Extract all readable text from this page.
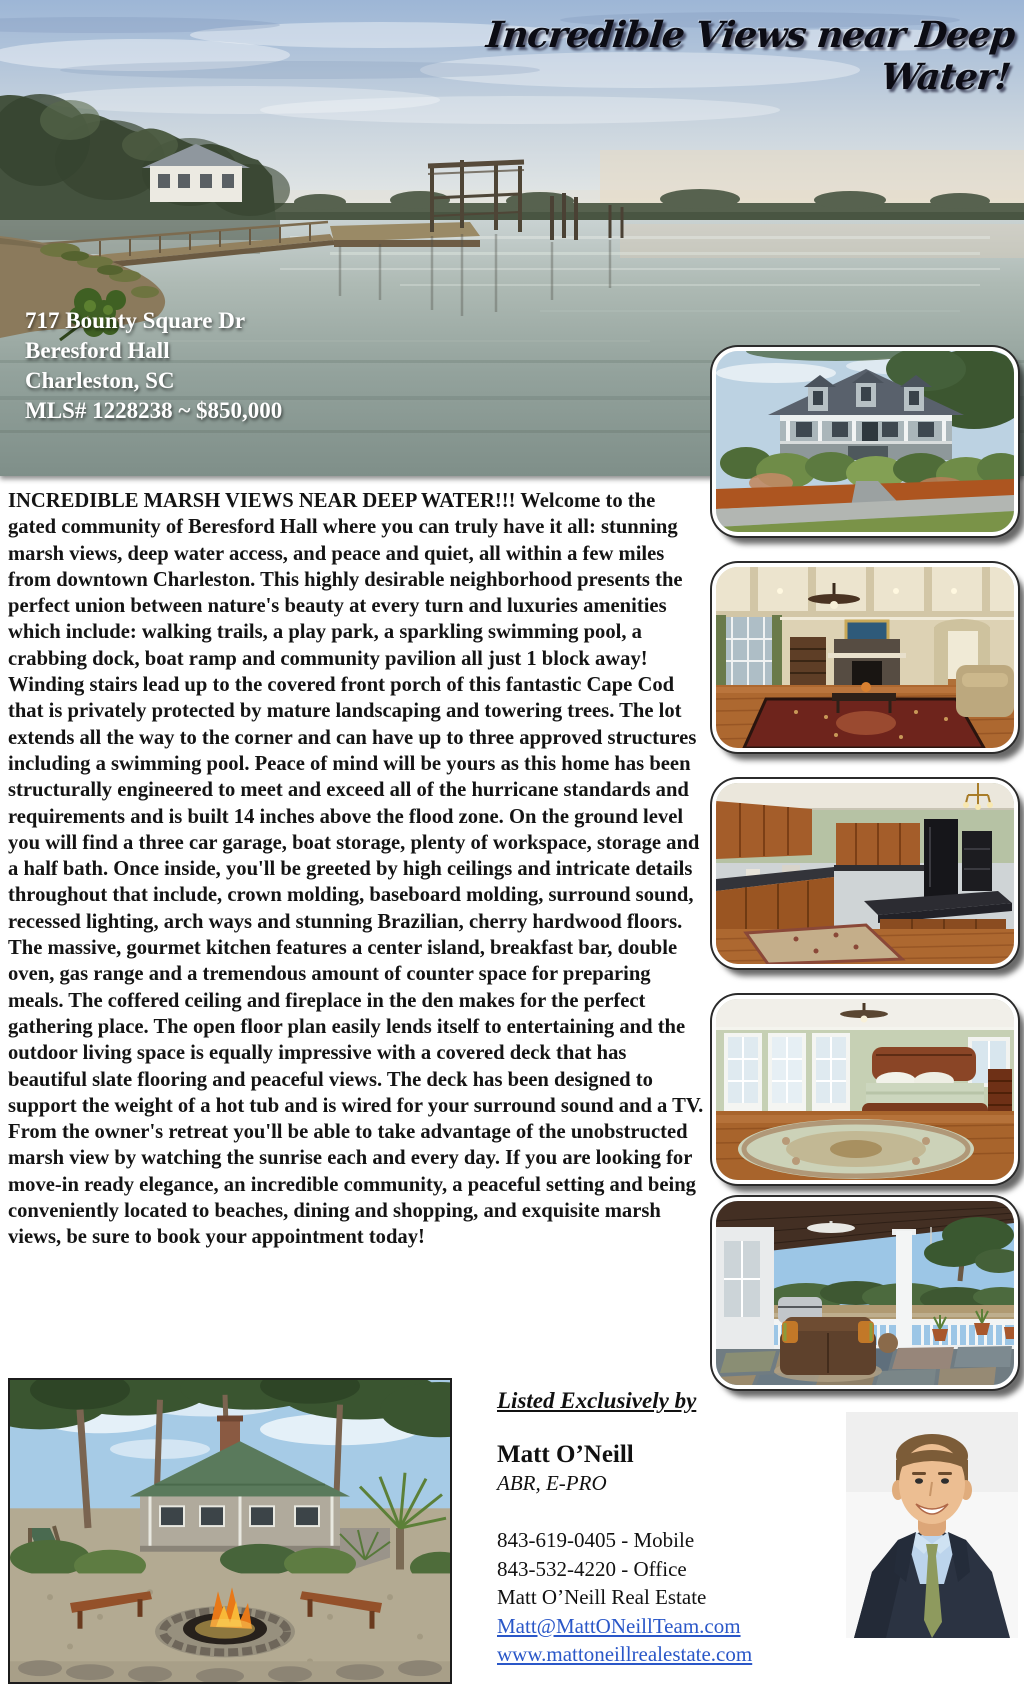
Incredible Views near Deep Water!
717 Bounty Square Dr
Beresford Hall
Charleston, SC
MLS# 1228238 ~ $850,000

INCREDIBLE MARSH VIEWS NEAR DEEP WATER!!! Welcome to the gated community of Beresford Hall where you can truly have it all: stunning marsh views, deep water access, and peace and quiet, all within a few miles from downtown Charleston. This highly desirable neighborhood presents the perfect union between nature's beauty at every turn and luxuries amenities which include: walking trails, a play park, a sparkling swimming pool, a crabbing dock, boat ramp and community pavilion all just 1 block away! Winding stairs lead up to the covered front porch of this fantastic Cape Cod that is privately protected by mature landscaping and towering trees. The lot extends all the way to the corner and can have up to three approved structures including a swimming pool. Peace of mind will be yours as this home has been structurally engineered to meet and exceed all of the hurricane standards and requirements and is built 14 inches above the flood zone. On the ground level you will find a three car garage, boat storage, plenty of workspace, storage and a half bath. Once inside, you'll be greeted by high ceilings and intricate details throughout that include, crown molding, baseboard molding, surround sound, recessed lighting, arch ways and stunning Brazilian, cherry hardwood floors. The massive, gourmet kitchen features a center island, breakfast bar, double oven, gas range and a tremendous amount of counter space for preparing meals. The coffered ceiling and fireplace in the den makes for the perfect gathering place. The open floor plan easily lends itself to entertaining and the outdoor living space is equally impressive with a covered deck that has beautiful slate flooring and peaceful views. The deck has been designed to support the weight of a hot tub and is wired for your surround sound and a TV. From the owner's retreat you'll be able to take advantage of the unobstructed marsh view by watching the sunrise each and every day. If you are looking for move-in ready elegance, an incredible community, a peaceful setting and being conveniently located to beaches, dining and shopping, and exquisite marsh views, be sure to book your appointment today!

Listed Exclusively by

Matt O’Neill

ABR, E-PRO

843-619-0405 - Mobile
843-532-4220 - Office
Matt O’Neill Real Estate
Matt@MattONeillTeam.com
www.mattoneillrealestate.com
